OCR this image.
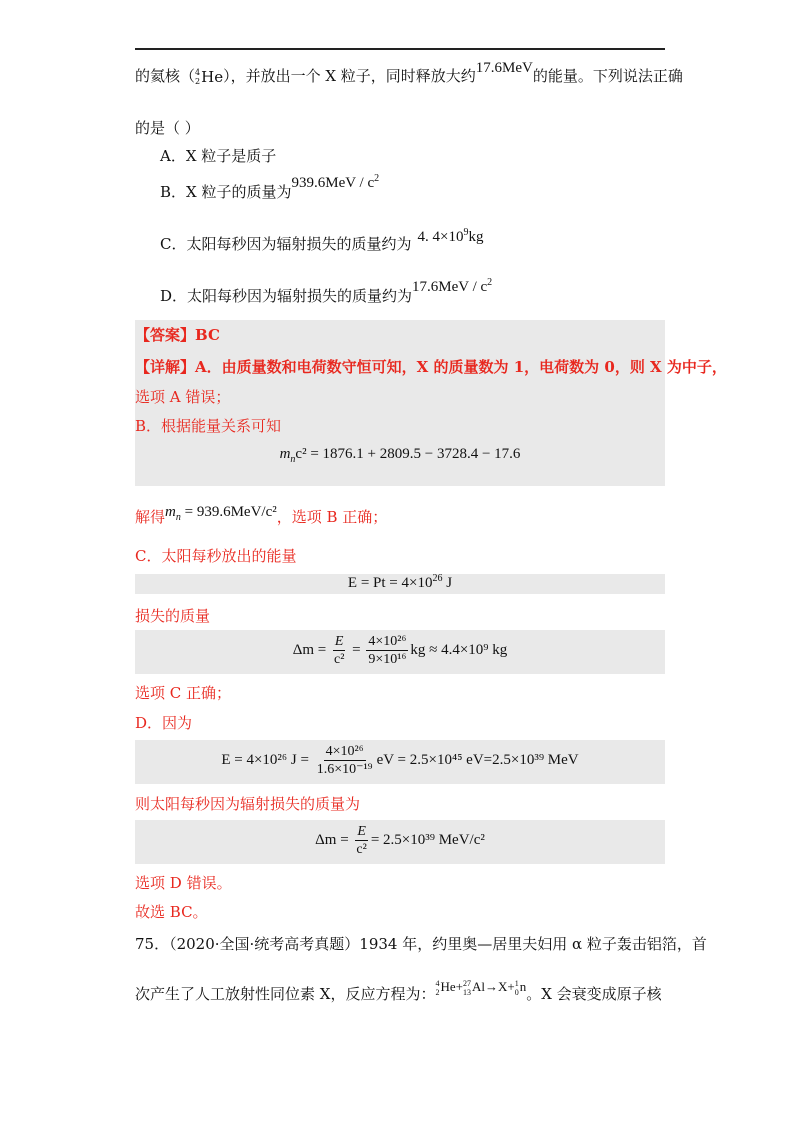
的氦核（ 4
2 He ），并放出一个 X 粒子，同时释放大约17.6MeV的能量。下列说法正确
的是（ ）
A．X 粒子是质子
B．X 粒子的质量为$939.6MeV / c^2$
C．太阳每秒因为辐射损失的质量约为 4. $4\times 10^9kg$
D．太阳每秒因为辐射损失的质量约为$17.6MeV / c^2$
【答案】BC
【详解】A．由质量数和电荷数守恒可知，X 的质量数为 1，电荷数为 0，则 X 为中子，
选项 A 错误；
B．根据能量关系可知
$m_nc^2 = 1876.1 + 2809.5 - 3728.4 - 17.6$
解得$m_n = 939.6MeV/c^2$，选项 B 正确；
C．太阳每秒放出的能量
$E = Pt = 4\times 10^{26}$ J
损失的质量
$\Delta m = \frac{E}{\text{c²}} = \frac{\text{4×10²⁶}}{\text{9×10¹⁶}}$ kg ≈ 4.4×10⁹ kg
选项 C 正确；
D．因为
E = 4×10²⁶ $J = \frac{\text{4×10²⁶}}{\text{1.6×10⁻¹⁹}}$ eV = 2.5×10⁴⁵ eV=2.5×10³⁹ MeV
则太阳每秒因为辐射损失的质量为
$\Delta m = \frac{E}{\text{c²}} = 2.5\times 10^{39}$ MeV/c²
选项 D 错误。
故选 BC。
75．（2020·全国·统考高考真题）1934 年，约里奥—居里夫妇用 α 粒子轰击铝箔，首
次产生了人工放射性同位素 X，反应方程为：
4
2 He+ 27
13 Al→X+ 1
0 n。X 会衰变成原子核
